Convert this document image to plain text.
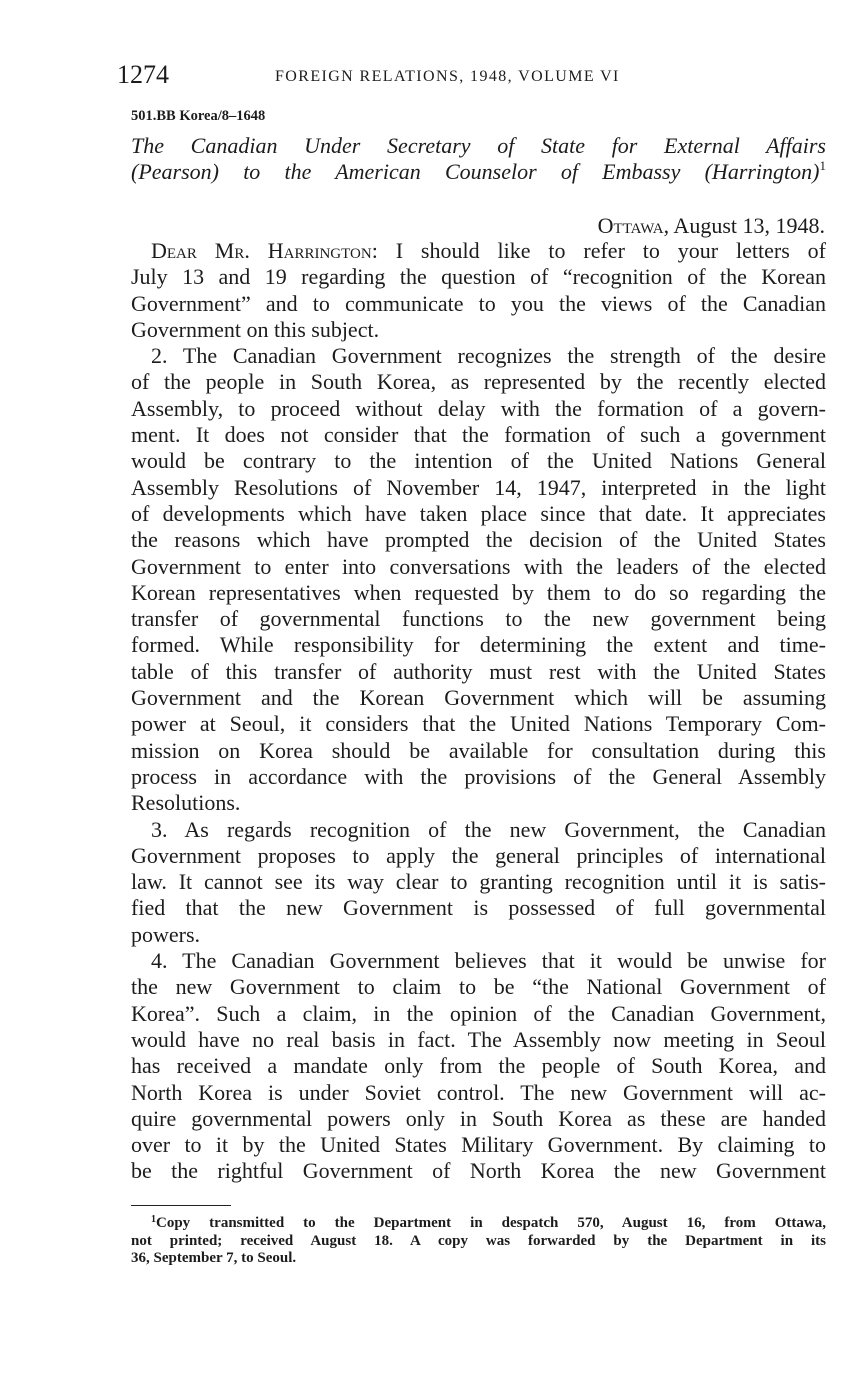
1274	FOREIGN RELATIONS, 1948, VOLUME VI
501.BB Korea/8–1648
The Canadian Under Secretary of State for External Affairs
(Pearson) to the American Counselor of Embassy (Harrington)$^1$
Ottawa, August 13, 1948.

Dear Mr. Harrington: I should like to refer to your letters of
July 13 and 19 regarding the question of “recognition of the Korean
Government” and to communicate to you the views of the Canadian
Government on this subject.

2. The Canadian Government recognizes the strength of the desire
of the people in South Korea, as represented by the recently elected
Assembly, to proceed without delay with the formation of a govern-
ment. It does not consider that the formation of such a government
would be contrary to the intention of the United Nations General
Assembly Resolutions of November 14, 1947, interpreted in the light
of developments which have taken place since that date. It appreciates
the reasons which have prompted the decision of the United States
Government to enter into conversations with the leaders of the elected
Korean representatives when requested by them to do so regarding the
transfer of governmental functions to the new government being
formed. While responsibility for determining the extent and time-
table of this transfer of authority must rest with the United States
Government and the Korean Government which will be assuming
power at Seoul, it considers that the United Nations Temporary Com-
mission on Korea should be available for consultation during this
process in accordance with the provisions of the General Assembly
Resolutions.

3. As regards recognition of the new Government, the Canadian
Government proposes to apply the general principles of international
law. It cannot see its way clear to granting recognition until it is satis-
fied that the new Government is possessed of full governmental
powers.

4. The Canadian Government believes that it would be unwise for
the new Government to claim to be “the National Government of
Korea”. Such a claim, in the opinion of the Canadian Government,
would have no real basis in fact. The Assembly now meeting in Seoul
has received a mandate only from the people of South Korea, and
North Korea is under Soviet control. The new Government will ac-
quire governmental powers only in South Korea as these are handed
over to it by the United States Military Government. By claiming to
be the rightful Government of North Korea the new Government

$^1$Copy transmitted to the Department in despatch 570, August 16, from Ottawa,
not printed; received August 18. A copy was forwarded by the Department in its
36, September 7, to Seoul.
